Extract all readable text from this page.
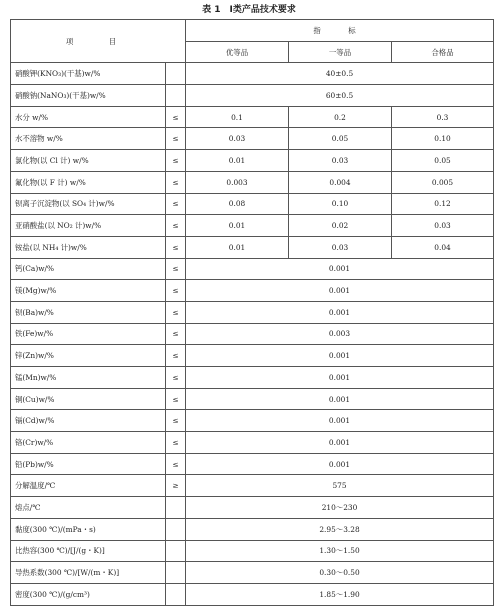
表 1　Ⅰ类产品技术要求
项　目		指　标		
		优等品	一等品	合格品
硝酸钾(KNO₃)(干基)w/%		40±0.5		
硝酸钠(NaNO₃)(干基)w/%		60±0.5		
水分 w/%	≤	0.1	0.2	0.3
水不溶物 w/%	≤	0.03	0.05	0.10
氯化物(以 Cl 计) w/%	≤	0.01	0.03	0.05
氟化物(以 F 计) w/%	≤	0.003	0.004	0.005
钡离子沉淀物(以 SO₄ 计)w/%	≤	0.08	0.10	0.12
亚硝酸盐(以 NO₂ 计)w/%	≤	0.01	0.02	0.03
铵盐(以 NH₄ 计)w/%	≤	0.01	0.03	0.04
钙(Ca)w/%	≤	0.001		
镁(Mg)w/%	≤	0.001		
钡(Ba)w/%	≤	0.001		
铁(Fe)w/%	≤	0.003		
锌(Zn)w/%	≤	0.001		
锰(Mn)w/%	≤	0.001		
铜(Cu)w/%	≤	0.001		
镉(Cd)w/%	≤	0.001		
铬(Cr)w/%	≤	0.001		
铅(Pb)w/%	≤	0.001		
分解温度/℃	≥	575		
熔点/℃		210～230		
黏度(300 ℃)/(mPa・s)		2.95～3.28		
比热容(300 ℃)/[J/(g・K)]		1.30～1.50		
导热系数(300 ℃)/[W/(m・K)]		0.30～0.50		
密度(300 ℃)/(g/cm³)		1.85～1.90		
